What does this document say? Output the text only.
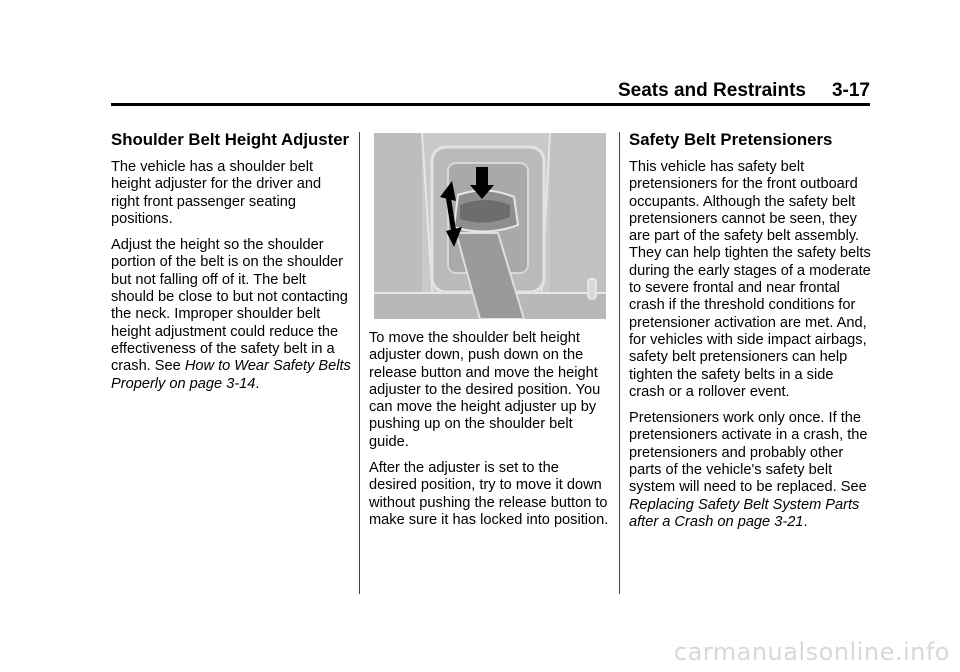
Seats and Restraints 3-17
Shoulder Belt Height Adjuster

The vehicle has a shoulder belt height adjuster for the driver and right front passenger seating positions.

Adjust the height so the shoulder portion of the belt is on the shoulder but not falling off of it. The belt should be close to but not contacting the neck. Improper shoulder belt height adjustment could reduce the effectiveness of the safety belt in a crash. See How to Wear Safety Belts Properly on page 3-14.

To move the shoulder belt height adjuster down, push down on the release button and move the height adjuster to the desired position. You can move the height adjuster up by pushing up on the shoulder belt guide.

After the adjuster is set to the desired position, try to move it down without pushing the release button to make sure it has locked into position.

Safety Belt Pretensioners

This vehicle has safety belt pretensioners for the front outboard occupants. Although the safety belt pretensioners cannot be seen, they are part of the safety belt assembly. They can help tighten the safety belts during the early stages of a moderate to severe frontal and near frontal crash if the threshold conditions for pretensioner activation are met. And, for vehicles with side impact airbags, safety belt pretensioners can help tighten the safety belts in a side crash or a rollover event.

Pretensioners work only once. If the pretensioners activate in a crash, the pretensioners and probably other parts of the vehicle's safety belt system will need to be replaced. See Replacing Safety Belt System Parts after a Crash on page 3-21.

carmanualsonline.info
